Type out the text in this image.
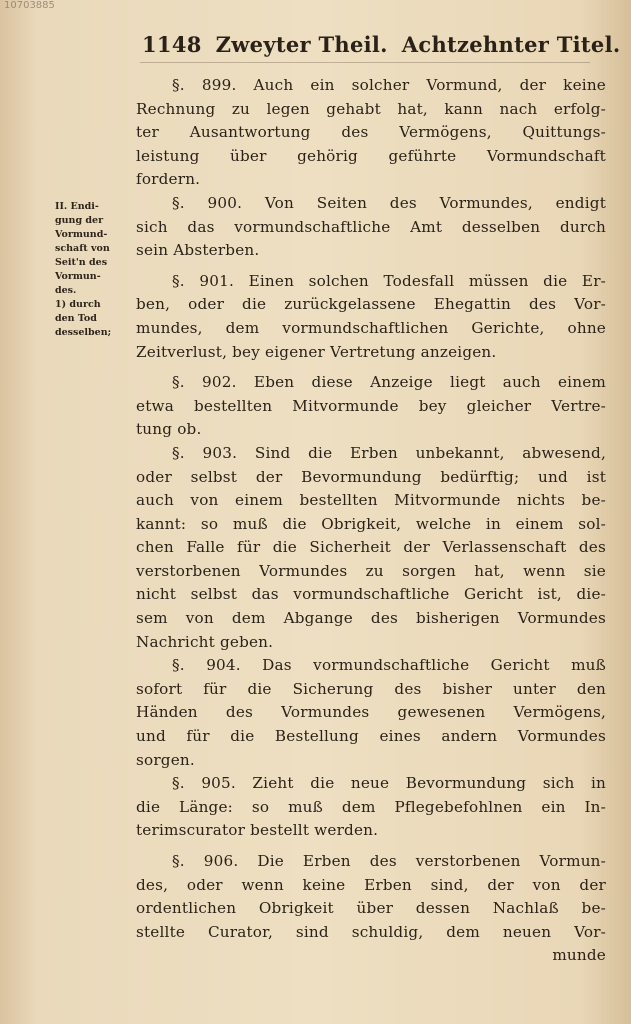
10703885
1148 Zweyter Theil. Achtzehnter Titel.
II. Endi-
gung der
Vormund-
schaft von
Seit'n des
Vormun-
des.
1) durch
den Tod
desselben;
§. 899. Auch ein solcher Vormund, der keine
Rechnung zu legen gehabt hat, kann nach erfolg-
ter Ausantwortung des Vermögens, Quittungs-
leistung über gehörig geführte Vormundschaft
fordern.
§. 900. Von Seiten des Vormundes, endigt
sich das vormundschaftliche Amt desselben durch
sein Absterben.
§. 901. Einen solchen Todesfall müssen die Er-
ben, oder die zurückgelassene Ehegattin des Vor-
mundes, dem vormundschaftlichen Gerichte, ohne
Zeitverlust, bey eigener Vertretung anzeigen.
§. 902. Eben diese Anzeige liegt auch einem
etwa bestellten Mitvormunde bey gleicher Vertre-
tung ob.
§. 903. Sind die Erben unbekannt, abwesend,
oder selbst der Bevormundung bedürftig; und ist
auch von einem bestellten Mitvormunde nichts be-
kannt: so muß die Obrigkeit, welche in einem sol-
chen Falle für die Sicherheit der Verlassenschaft des
verstorbenen Vormundes zu sorgen hat, wenn sie
nicht selbst das vormundschaftliche Gericht ist, die-
sem von dem Abgange des bisherigen Vormundes
Nachricht geben.
§. 904. Das vormundschaftliche Gericht muß
sofort für die Sicherung des bisher unter den
Händen des Vormundes gewesenen Vermögens,
und für die Bestellung eines andern Vormundes
sorgen.
§. 905. Zieht die neue Bevormundung sich in
die Länge: so muß dem Pflegebefohlnen ein In-
terimscurator bestellt werden.
§. 906. Die Erben des verstorbenen Vormun-
des, oder wenn keine Erben sind, der von der
ordentlichen Obrigkeit über dessen Nachlaß be-
stellte Curator, sind schuldig, dem neuen Vor-
munde
